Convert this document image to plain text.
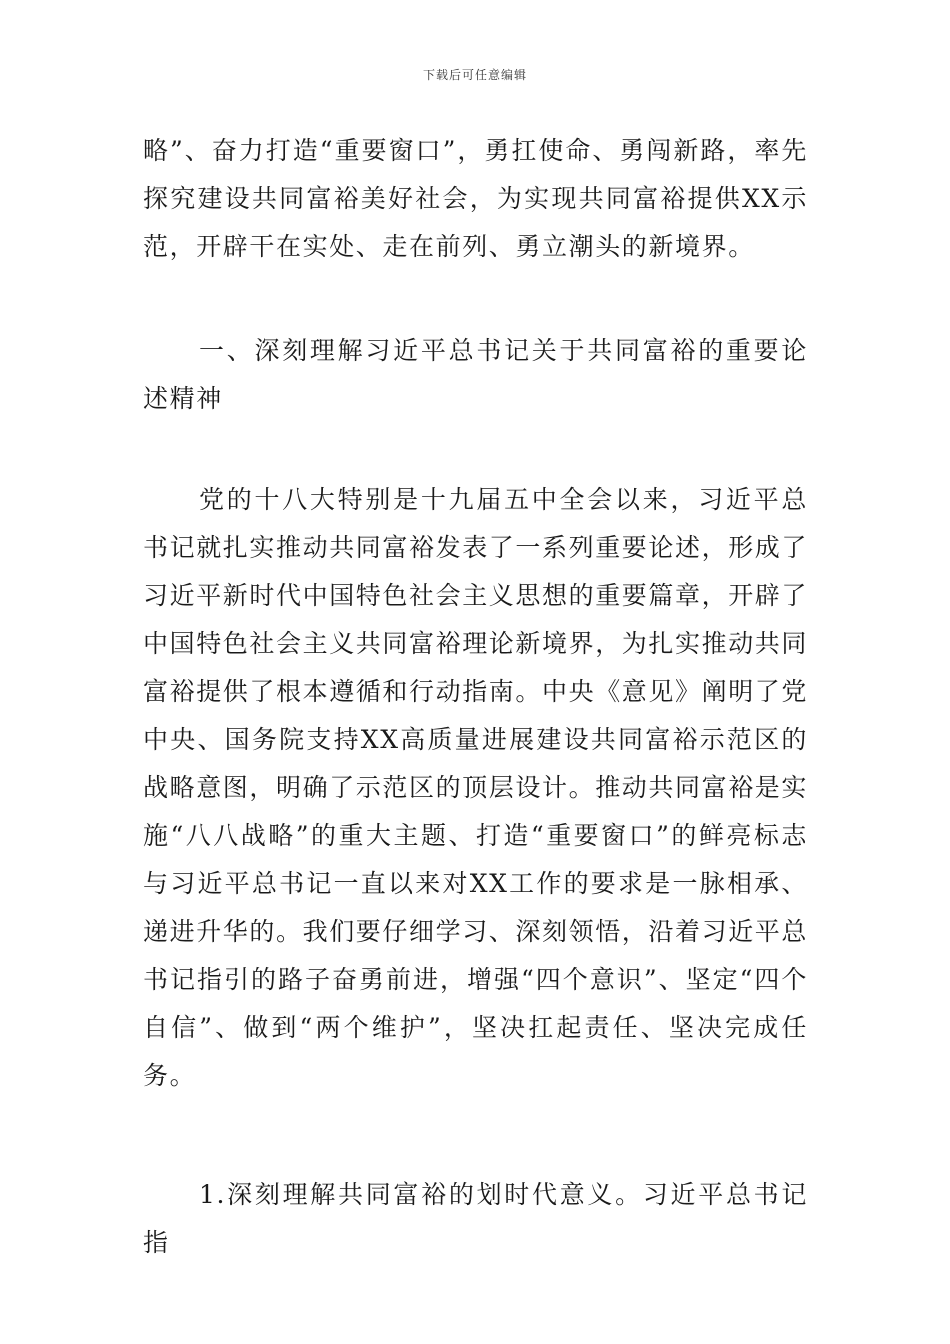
下载后可任意编辑

略”、奋力打造“重要窗口”，勇扛使命、勇闯新路，率先探究建设共同富裕美好社会，为实现共同富裕提供XX示范，开辟干在实处、走在前列、勇立潮头的新境界。

一、深刻理解习近平总书记关于共同富裕的重要论述精神

党的十八大特别是十九届五中全会以来，习近平总书记就扎实推动共同富裕发表了一系列重要论述，形成了习近平新时代中国特色社会主义思想的重要篇章，开辟了中国特色社会主义共同富裕理论新境界，为扎实推动共同富裕提供了根本遵循和行动指南。中央《意见》阐明了党中央、国务院支持XX高质量进展建设共同富裕示范区的战略意图，明确了示范区的顶层设计。推动共同富裕是实施“八八战略”的重大主题、打造“重要窗口”的鲜亮标志与习近平总书记一直以来对XX工作的要求是一脉相承、递进升华的。我们要仔细学习、深刻领悟，沿着习近平总书记指引的路子奋勇前进，增强“四个意识”、坚定“四个自信”、做到“两个维护”，坚决扛起责任、坚决完成任务。

1.深刻理解共同富裕的划时代意义。习近平总书记指
